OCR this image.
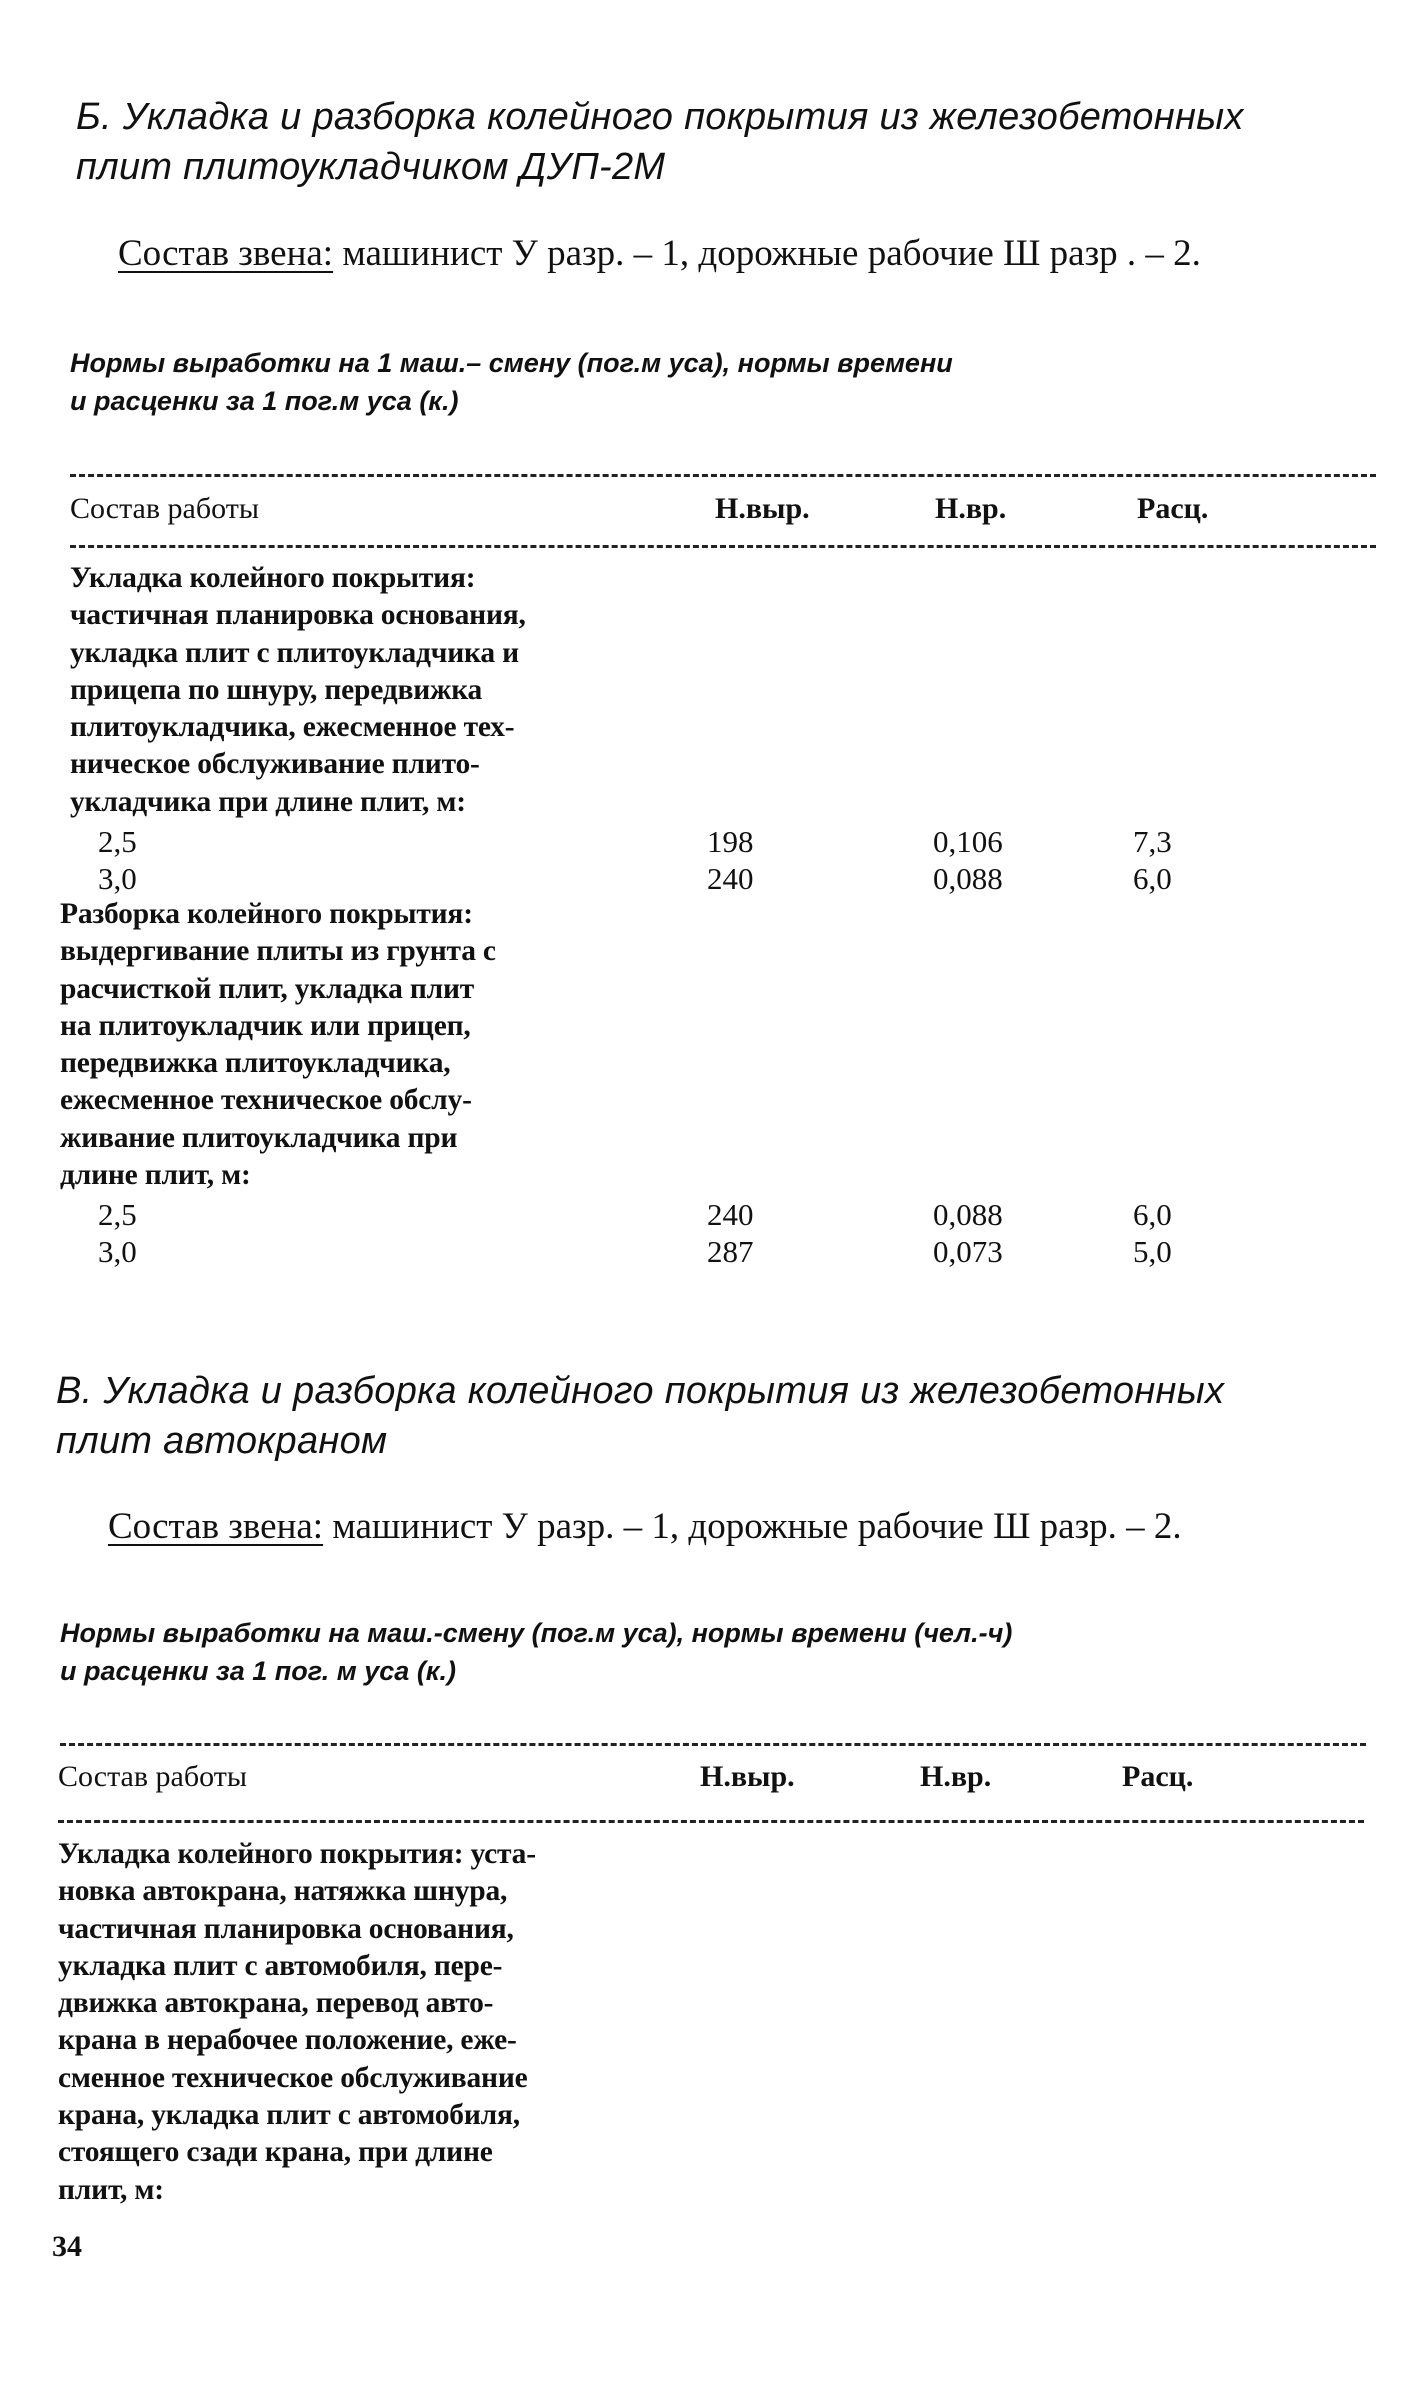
Б. Укладка и разборка колейного покрытия из железобетонных
плит плитоукладчиком ДУП-2М
Состав звена: машинист У разр. – 1, дорожные рабочие Ш разр . – 2.
Нормы выработки на 1 маш.– смену (пог.м уса), нормы времени
и расценки за 1 пог.м уса (к.)
Состав работы	Н.выр.	Н.вр.	Расц.
Укладка колейного покрытия:
частичная планировка основания,
укладка плит с плитоукладчика и
прицепа по шнуру, передвижка
плитоукладчика, ежесменное тех-
ническое обслуживание плито-
укладчика при длине плит, м:
2,5	198	0,106	7,3
3,0	240	0,088	6,0
Разборка колейного покрытия:
выдергивание плиты из грунта с
расчисткой плит, укладка плит
на плитоукладчик или прицеп,
передвижка плитоукладчика,
ежесменное техническое обслу-
живание плитоукладчика при
длине плит, м:
2,5	240	0,088	6,0
3,0	287	0,073	5,0
В. Укладка и разборка колейного покрытия из железобетонных
плит автокраном
Состав звена: машинист У разр. – 1, дорожные рабочие Ш разр. – 2.
Нормы выработки на маш.-смену (пог.м уса), нормы времени (чел.-ч)
и расценки за 1 пог. м уса (к.)
Состав работы	Н.выр.	Н.вр.	Расц.
Укладка колейного покрытия: уста-
новка автокрана, натяжка шнура,
частичная планировка основания,
укладка плит с автомобиля, пере-
движка автокрана, перевод авто-
крана в нерабочее положение, еже-
сменное техническое обслуживание
крана, укладка плит с автомобиля,
стоящего сзади крана, при длине
плит, м:
34
